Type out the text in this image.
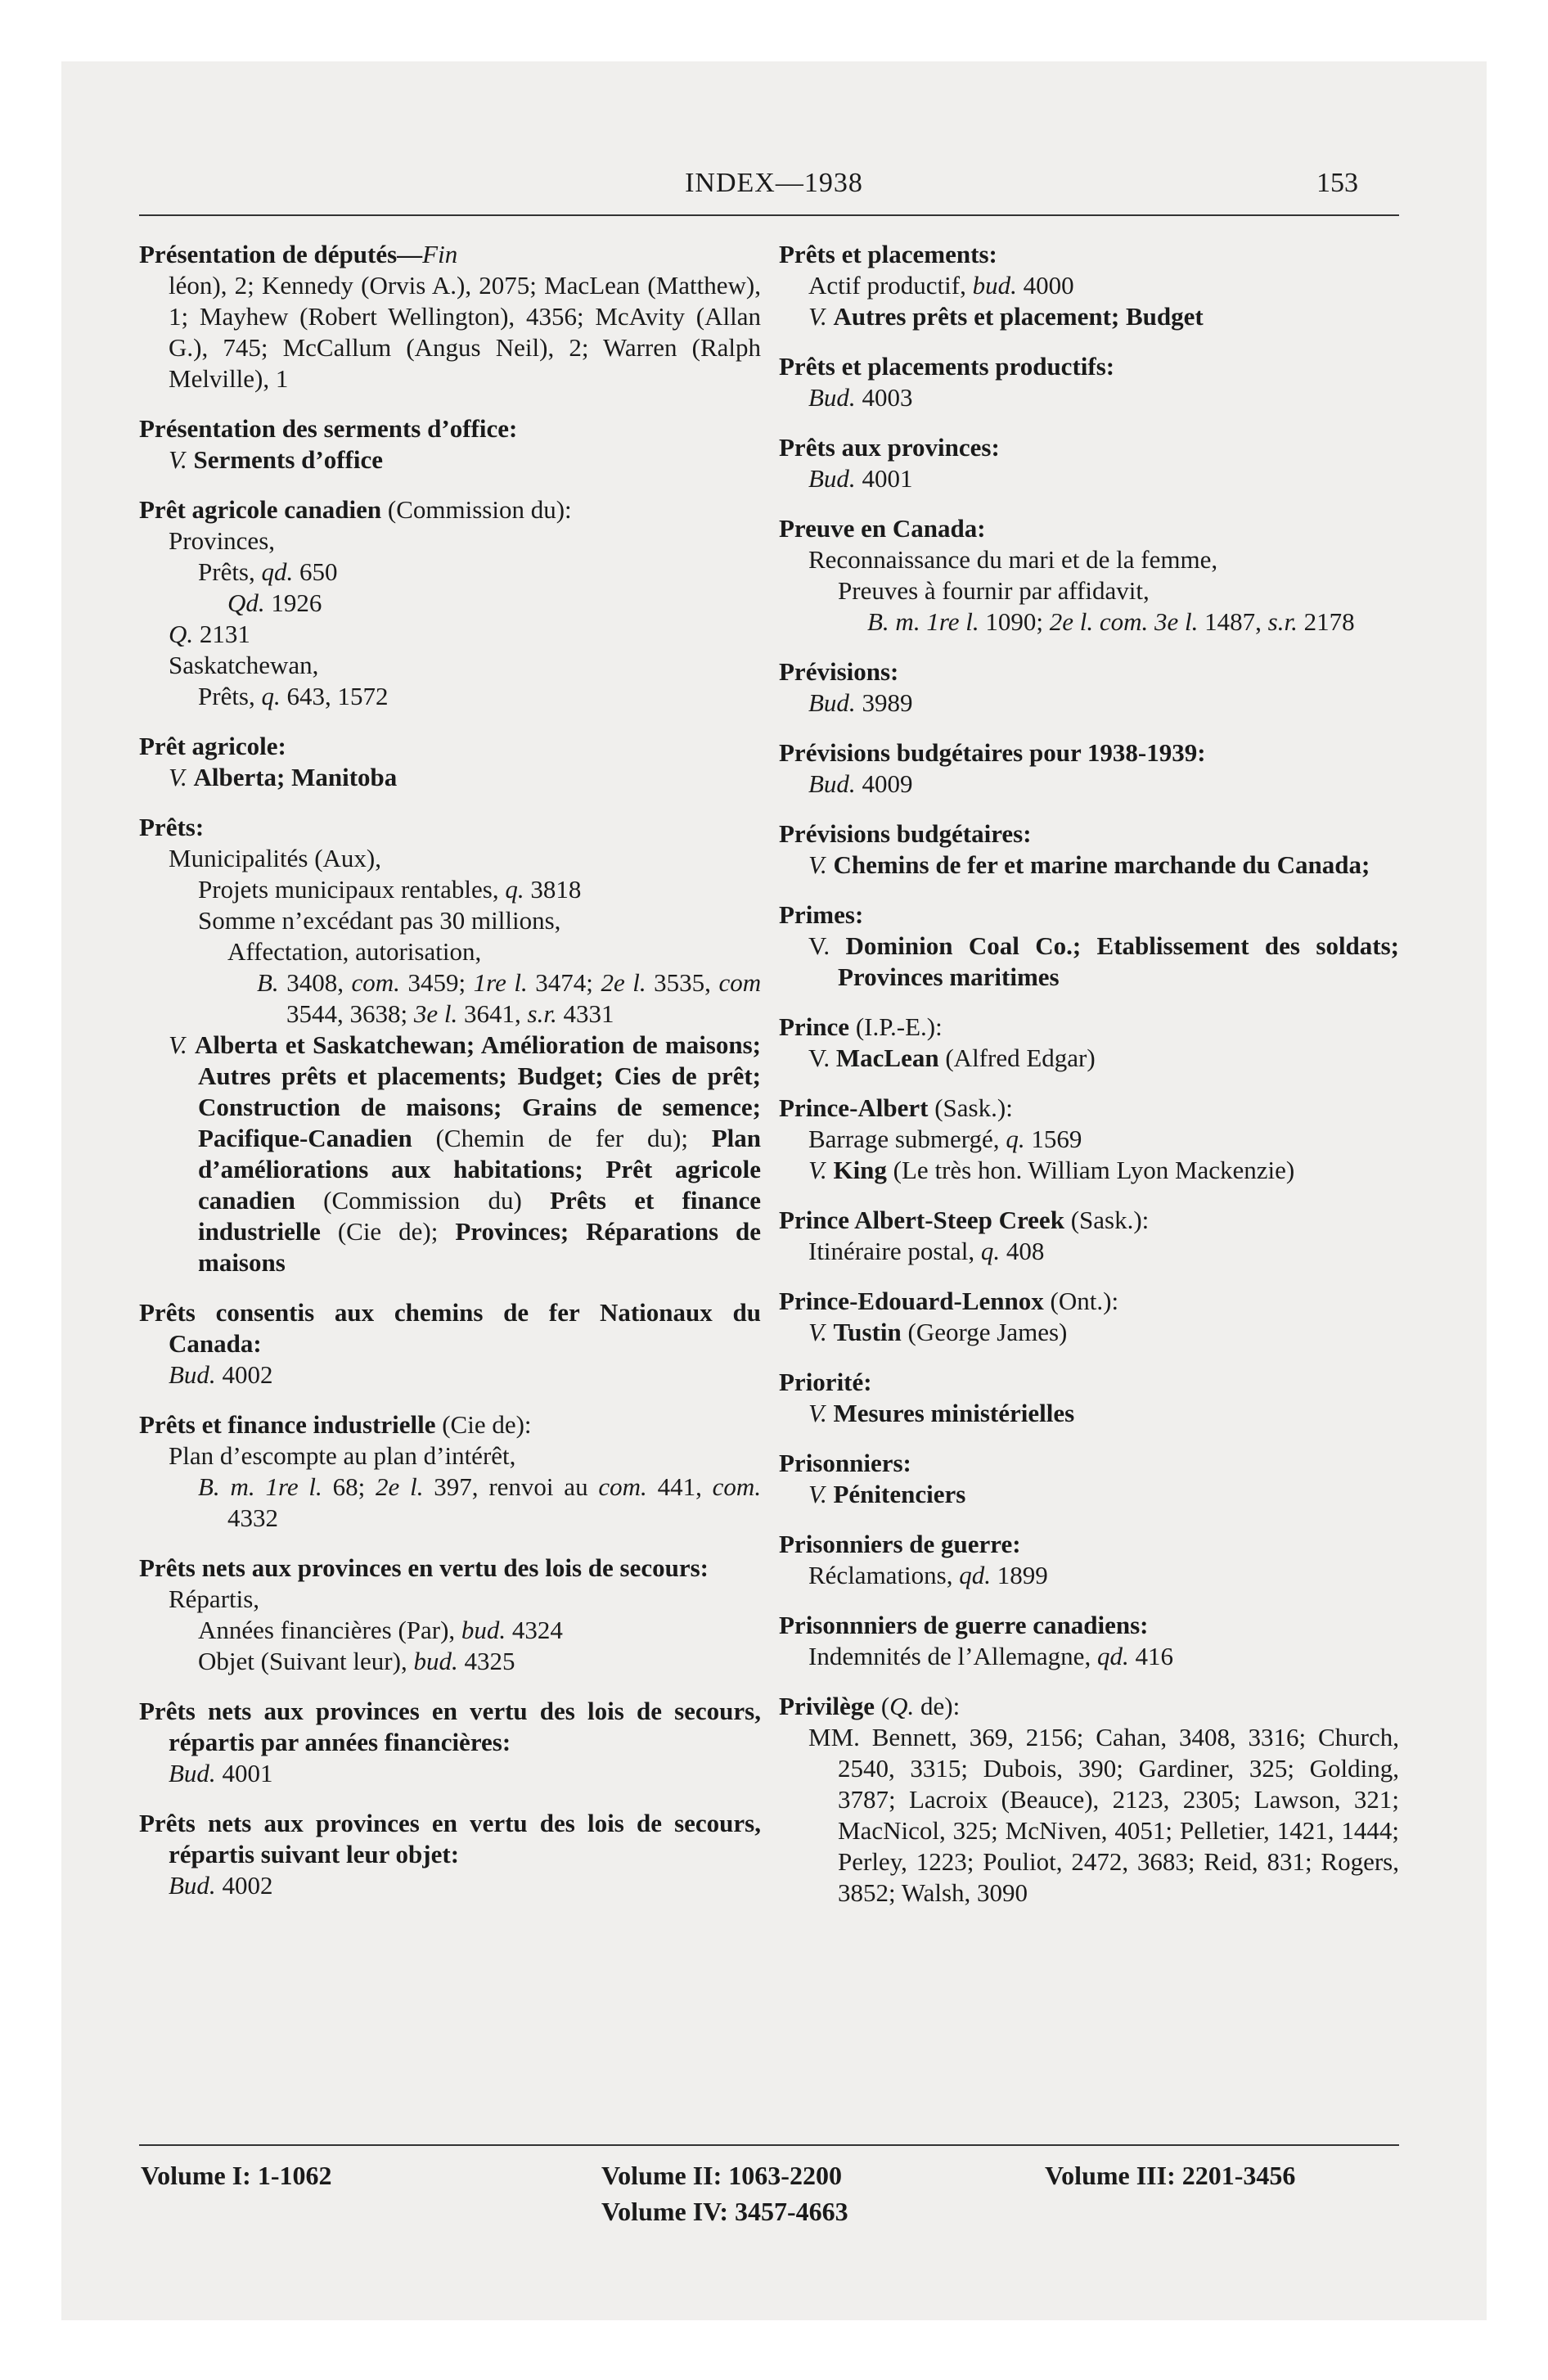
INDEX—1938	153
Présentation de députés—Fin
léon), 2; Kennedy (Orvis A.), 2075; MacLean (Matthew), 1; Mayhew (Robert Wellington), 4356; McAvity (Allan G.), 745; McCallum (Angus Neil), 2; Warren (Ralph Melville), 1
Présentation des serments d’office:
V. Serments d’office
Prêt agricole canadien (Commission du):
Provinces,
Prêts, qd. 650
Qd. 1926
Q. 2131
Saskatchewan,
Prêts, q. 643, 1572
Prêt agricole:
V. Alberta; Manitoba
Prêts:
Municipalités (Aux),
Projets municipaux rentables, q. 3818
Somme n’excédant pas 30 millions,
Affectation, autorisation,
B. 3408, com. 3459; 1re l. 3474; 2e l. 3535, com 3544, 3638; 3e l. 3641, s.r. 4331
V. Alberta et Saskatchewan; Amélioration de maisons; Autres prêts et placements; Budget; Cies de prêt; Construction de maisons; Grains de semence; Pacifique-Canadien (Chemin de fer du); Plan d’améliorations aux habitations; Prêt agricole canadien (Commission du) Prêts et finance industrielle (Cie de); Provinces; Réparations de maisons
Prêts consentis aux chemins de fer Nationaux du Canada:
Bud. 4002
Prêts et finance industrielle (Cie de):
Plan d’escompte au plan d’intérêt,
B. m. 1re l. 68; 2e l. 397, renvoi au com. 441, com. 4332
Prêts nets aux provinces en vertu des lois de secours:
Répartis,
Années financières (Par), bud. 4324
Objet (Suivant leur), bud. 4325
Prêts nets aux provinces en vertu des lois de secours, répartis par années financières:
Bud. 4001
Prêts nets aux provinces en vertu des lois de secours, répartis suivant leur objet:
Bud. 4002
Prêts et placements:
Actif productif, bud. 4000
V. Autres prêts et placement; Budget
Prêts et placements productifs:
Bud. 4003
Prêts aux provinces:
Bud. 4001
Preuve en Canada:
Reconnaissance du mari et de la femme,
Preuves à fournir par affidavit,
B. m. 1re l. 1090; 2e l. com. 3e l. 1487, s.r. 2178
Prévisions:
Bud. 3989
Prévisions budgétaires pour 1938-1939:
Bud. 4009
Prévisions budgétaires:
V. Chemins de fer et marine marchande du Canada;
Primes:
V. Dominion Coal Co.; Etablissement des soldats; Provinces maritimes
Prince (I.P.-E.):
V. MacLean (Alfred Edgar)
Prince-Albert (Sask.):
Barrage submergé, q. 1569
V. King (Le très hon. William Lyon Mackenzie)
Prince Albert-Steep Creek (Sask.):
Itinéraire postal, q. 408
Prince-Edouard-Lennox (Ont.):
V. Tustin (George James)
Priorité:
V. Mesures ministérielles
Prisonniers:
V. Pénitenciers
Prisonniers de guerre:
Réclamations, qd. 1899
Prisonnniers de guerre canadiens:
Indemnités de l’Allemagne, qd. 416
Privilège (Q. de):
MM. Bennett, 369, 2156; Cahan, 3408, 3316; Church, 2540, 3315; Dubois, 390; Gardiner, 325; Golding, 3787; Lacroix (Beauce), 2123, 2305; Lawson, 321; MacNicol, 325; McNiven, 4051; Pelletier, 1421, 1444; Perley, 1223; Pouliot, 2472, 3683; Reid, 831; Rogers, 3852; Walsh, 3090
Volume I: 1-1062	Volume II: 1063-2200	Volume III: 2201-3456
Volume IV: 3457-4663
